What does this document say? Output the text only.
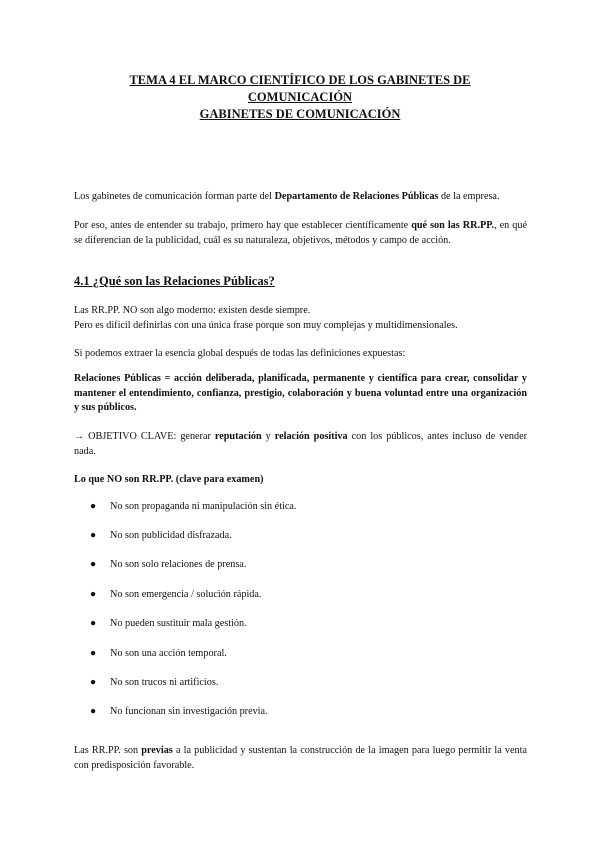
TEMA 4 EL MARCO CIENTÍFICO DE LOS GABINETES DE
COMUNICACIÓN
GABINETES DE COMUNICACIÓN
Los gabinetes de comunicación forman parte del Departamento de Relaciones Públicas de la empresa.
Por eso, antes de entender su trabajo, primero hay que establecer científicamente qué son las RR.PP., en qué se diferencian de la publicidad, cuál es su naturaleza, objetivos, métodos y campo de acción.
4.1 ¿Qué son las Relaciones Públicas?
Las RR.PP. NO son algo moderno: existen desde siempre.
Pero es difícil definirlas con una única frase porque son muy complejas y multidimensionales.
Si podemos extraer la esencia global después de todas las definiciones expuestas:
Relaciones Públicas = acción deliberada, planificada, permanente y científica para crear, consolidar y mantener el entendimiento, confianza, prestigio, colaboración y buena voluntad entre una organización y sus públicos.
→ OBJETIVO CLAVE: generar reputación y relación positiva con los públicos, antes incluso de vender nada.
Lo que NO son RR.PP. (clave para examen)
● No son propaganda ni manipulación sin ética.
● No son publicidad disfrazada.
● No son solo relaciones de prensa.
● No son emergencia / solución rápida.
● No pueden sustituir mala gestión.
● No son una acción temporal.
● No son trucos ni artificios.
● No funcionan sin investigación previa.
Las RR.PP. son previas a la publicidad y sustentan la construcción de la imagen para luego permitir la venta con predisposición favorable.
